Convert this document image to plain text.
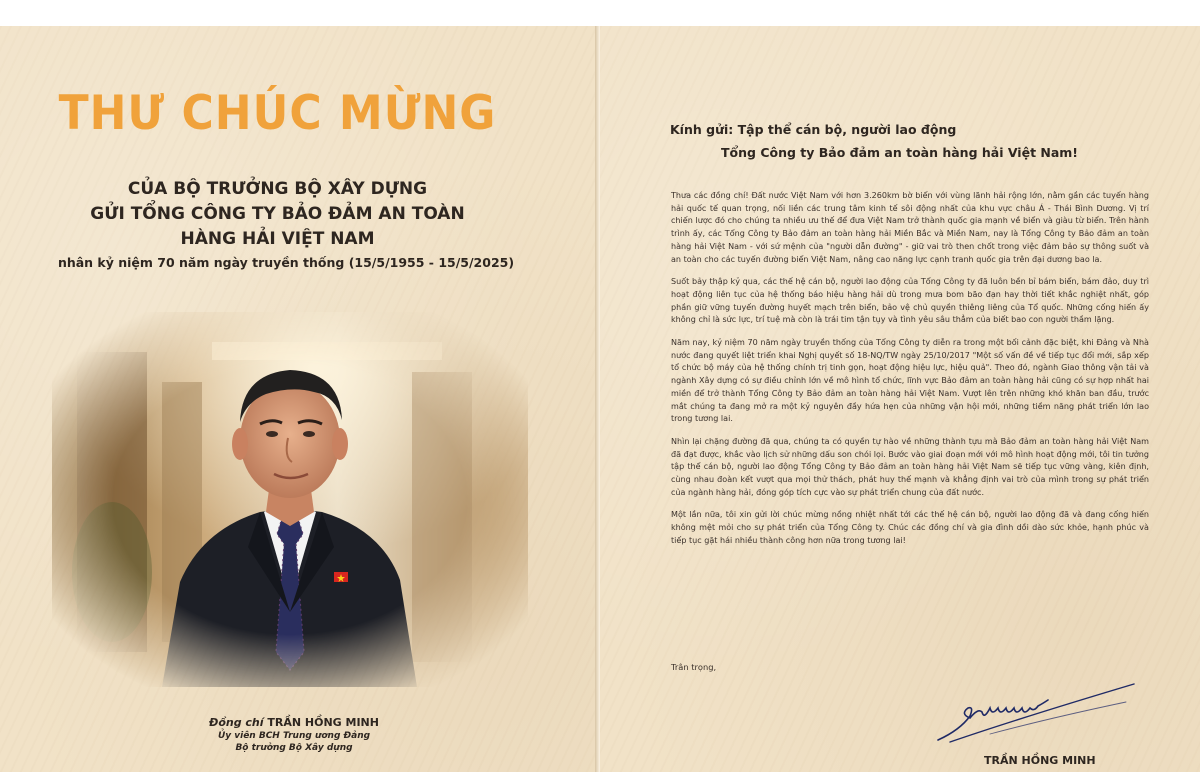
THƯ CHÚC MỪNG
CỦA BỘ TRƯỞNG BỘ XÂY DỰNG
GỬI TỔNG CÔNG TY BẢO ĐẢM AN TOÀN
HÀNG HẢI VIỆT NAM
nhân kỷ niệm 70 năm ngày truyền thống (15/5/1955 - 15/5/2025)
Đồng chí TRẦN HỒNG MINH
Ủy viên BCH Trung ương Đảng
Bộ trưởng Bộ Xây dựng
Kính gửi: Tập thể cán bộ, người lao động
Tổng Công ty Bảo đảm an toàn hàng hải Việt Nam!

Thưa các đồng chí! Đất nước Việt Nam với hơn 3.260km bờ biển với vùng lãnh hải rộng lớn, nằm gần các tuyến hàng hải quốc tế quan trọng, nối liền các trung tâm kinh tế sôi động nhất của khu vực châu Á - Thái Bình Dương. Vị trí chiến lược đó cho chúng ta nhiều ưu thế để đưa Việt Nam trở thành quốc gia mạnh về biển và giàu từ biển. Trên hành trình ấy, các Tổng Công ty Bảo đảm an toàn hàng hải Miền Bắc và Miền Nam, nay là Tổng Công ty Bảo đảm an toàn hàng hải Việt Nam - với sứ mệnh của "người dẫn đường" - giữ vai trò then chốt trong việc đảm bảo sự thông suốt và an toàn cho các tuyến đường biển Việt Nam, nâng cao năng lực cạnh tranh quốc gia trên đại dương bao la.

Suốt bảy thập kỷ qua, các thế hệ cán bộ, người lao động của Tổng Công ty đã luôn bền bỉ bám biển, bám đảo, duy trì hoạt động liên tục của hệ thống báo hiệu hàng hải dù trong mưa bom bão đạn hay thời tiết khắc nghiệt nhất, góp phần giữ vững tuyến đường huyết mạch trên biển, bảo vệ chủ quyền thiêng liêng của Tổ quốc. Những cống hiến ấy không chỉ là sức lực, trí tuệ mà còn là trái tim tận tụy và tình yêu sâu thẳm của biết bao con người thầm lặng.

Năm nay, kỷ niệm 70 năm ngày truyền thống của Tổng Công ty diễn ra trong một bối cảnh đặc biệt, khi Đảng và Nhà nước đang quyết liệt triển khai Nghị quyết số 18-NQ/TW ngày 25/10/2017 "Một số vấn đề về tiếp tục đổi mới, sắp xếp tổ chức bộ máy của hệ thống chính trị tinh gọn, hoạt động hiệu lực, hiệu quả". Theo đó, ngành Giao thông vận tải và ngành Xây dựng có sự điều chỉnh lớn về mô hình tổ chức, lĩnh vực Bảo đảm an toàn hàng hải cũng có sự hợp nhất hai miền để trở thành Tổng Công ty Bảo đảm an toàn hàng hải Việt Nam. Vượt lên trên những khó khăn ban đầu, trước mắt chúng ta đang mở ra một kỷ nguyên đầy hứa hẹn của những vận hội mới, những tiềm năng phát triển lớn lao trong tương lai.

Nhìn lại chặng đường đã qua, chúng ta có quyền tự hào về những thành tựu mà Bảo đảm an toàn hàng hải Việt Nam đã đạt được, khắc vào lịch sử những dấu son chói lọi. Bước vào giai đoạn mới với mô hình hoạt động mới, tôi tin tưởng tập thể cán bộ, người lao động Tổng Công ty Bảo đảm an toàn hàng hải Việt Nam sẽ tiếp tục vững vàng, kiên định, cùng nhau đoàn kết vượt qua mọi thử thách, phát huy thế mạnh và khẳng định vai trò của mình trong sự phát triển của ngành hàng hải, đóng góp tích cực vào sự phát triển chung của đất nước.

Một lần nữa, tôi xin gửi lời chúc mừng nồng nhiệt nhất tới các thế hệ cán bộ, người lao động đã và đang cống hiến không mệt mỏi cho sự phát triển của Tổng Công ty. Chúc các đồng chí và gia đình dồi dào sức khỏe, hạnh phúc và tiếp tục gặt hái nhiều thành công hơn nữa trong tương lai!

Trân trọng,
TRẦN HỒNG MINH
